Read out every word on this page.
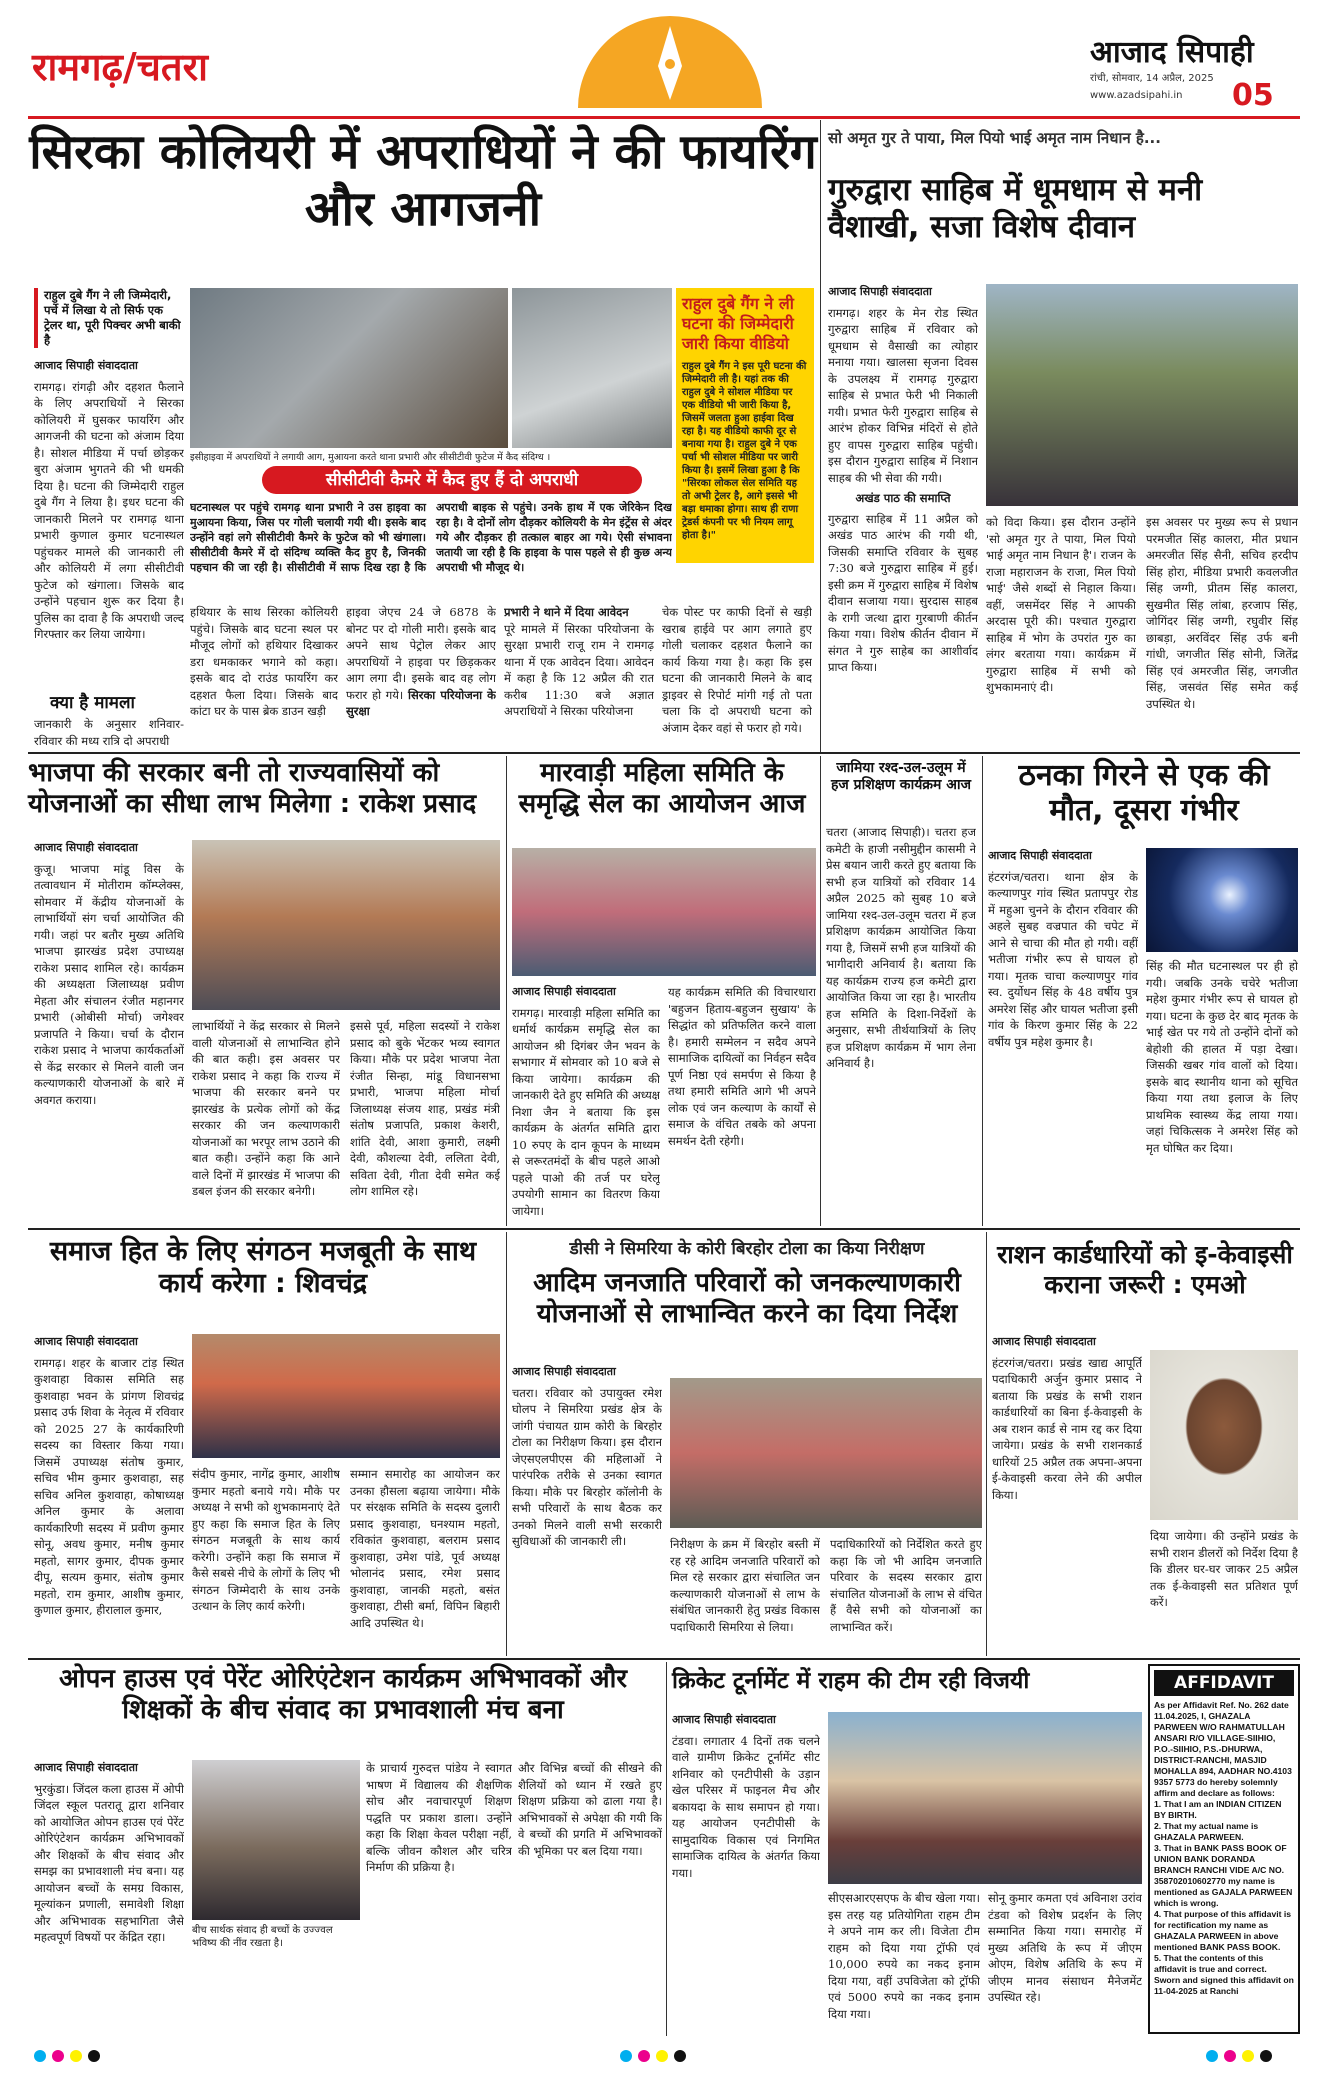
रामगढ़/चतरा	आजाद सिपाही
रांची, सोमवार, 14 अप्रैल, 2025
www.azadsipahi.in 05
सिरका कोलियरी में अपराधियों ने की फायरिंग और आगजनी
राहुल दुबे गैंग ने ली जिम्मेदारी, पर्चे में लिखा ये तो सिर्फ एक ट्रेलर था, पूरी पिक्चर अभी बाकी है
आजाद सिपाही संवाददाता
रामगढ़। रांगढ़ी और दहशत फैलाने के लिए अपराधियों ने सिरका कोलियरी में घुसकर फायरिंग और आगजनी की घटना को अंजाम दिया है। सोशल मीडिया में पर्चा छोड़कर बुरा अंजाम भुगतने की भी धमकी दिया है। घटना की जिम्मेदारी राहुल दुबे गैंग ने लिया है। इधर घटना की जानकारी मिलने पर रामगढ़ थाना प्रभारी कुणाल कुमार घटनास्थल पहुंचकर मामले की जानकारी ली और कोलियरी में लगा सीसीटीवी फुटेज को खंगाला। जिसके बाद उन्होंने पहचान शुरू कर दिया है। पुलिस का दावा है कि अपराधी जल्द गिरफ्तार कर लिया जायेगा।
क्या है मामला
जानकारी के अनुसार शनिवार-रविवार की मध्य रात्रि दो अपराधी
इसीहाइवा में अपराधियों ने लगायी आग, मुआयना करते थाना प्रभारी और सीसीटीवी फुटेज में कैद संदिग्ध ।
राहुल दुबे गैंग ने ली घटना की जिम्मेदारी जारी किया वीडियो
राहुल दुबे गैंग ने इस पूरी घटना की जिम्मेदारी ली है। यहां तक की राहुल दुबे ने सोशल मीडिया पर एक वीडियो भी जारी किया है, जिसमें जलता हुआ हाईवा दिख रहा है। यह वीडियो काफी दूर से बनाया गया है। राहुल दुबे ने एक पर्चा भी सोशल मीडिया पर जारी किया है। इसमें लिखा हुआ है कि "सिरका लोकल सेल समिति यह तो अभी ट्रेलर है, आगे इससे भी बड़ा धमाका होगा। साथ ही राणा ट्रेडर्स कंपनी पर भी नियम लागू होता है।"
सीसीटीवी कैमरे में कैद हुए हैं दो अपराधी
घटनास्थल पर पहुंचे रामगढ़ थाना प्रभारी ने उस हाइवा का मुआयना किया, जिस पर गोली चलायी गयी थी। इसके बाद उन्होंने वहां लगे सीसीटीवी कैमरे के फुटेज को भी खंगाला। सीसीटीवी कैमरे में दो संदिग्ध व्यक्ति कैद हुए है, जिनकी पहचान की जा रही है। सीसीटीवी में साफ दिख रहा है कि अपराधी बाइक से पहुंचे। उनके हाथ में एक जेरिकेन दिख रहा है। वे दोनों लोग दौड़कर कोलियरी के मेन इंट्रेंस से अंदर गये और दौड़कर ही तत्काल बाहर आ गये। ऐसी संभावना जतायी जा रही है कि हाइवा के पास पहले से ही कुछ अन्य अपराधी भी मौजूद थे।
हथियार के साथ सिरका कोलियरी पहुंचे। जिसके बाद घटना स्थल पर मौजूद लोगों को हथियार दिखाकर डरा धमकाकर भगाने को कहा। इसके बाद दो राउंड फायरिंग कर दहशत फैला दिया। जिसके बाद कांटा घर के पास ब्रेक डाउन खड़ी
हाइवा जेएच 24 जे 6878 के बोनट पर दो गोली मारी। इसके बाद अपने साथ पेट्रोल लेकर आए अपराधियों ने हाइवा पर छिड़ककर आग लगा दी। इसके बाद वह लोग फरार हो गये। सिरका परियोजना के सुरक्षा
प्रभारी ने थाने में दिया आवेदन
पूरे मामले में सिरका परियोजना के सुरक्षा प्रभारी राजू राम ने रामगढ़ थाना में एक आवेदन दिया। आवेदन में कहा है कि 12 अप्रैल की रात करीब 11:30 बजे अज्ञात अपराधियों ने सिरका परियोजना
चेक पोस्ट पर काफी दिनों से खड़ी खराब हाईवे पर आग लगाते हुए गोली चलाकर दहशत फैलाने का कार्य किया गया है। कहा कि इस घटना की जानकारी मिलने के बाद ड्राइवर से रिपोर्ट मांगी गई तो पता चला कि दो अपराधी घटना को अंजाम देकर वहां से फरार हो गये।
सो अमृत गुर ते पाया, मिल पियो भाई अमृत नाम निधान है...
गुरुद्वारा साहिब में धूमधाम से मनी वैशाखी, सजा विशेष दीवान
आजाद सिपाही संवाददाता
रामगढ़। शहर के मेन रोड स्थित गुरुद्वारा साहिब में रविवार को धूमधाम से वैसाखी का त्योहार मनाया गया। खालसा सृजना दिवस के उपलक्ष्य में रामगढ़ गुरुद्वारा साहिब से प्रभात फेरी भी निकाली गयी। प्रभात फेरी गुरुद्वारा साहिब से आरंभ होकर विभिन्न मंदिरों से होते हुए वापस गुरुद्वारा साहिब पहुंची। इस दौरान गुरुद्वारा साहिब में निशान साहब की भी सेवा की गयी।
अखंड पाठ की समाप्ति
गुरुद्वारा साहिब में 11 अप्रैल को अखंड पाठ आरंभ की गयी थी, जिसकी समाप्ति रविवार के सुबह 7:30 बजे गुरुद्वारा साहिब में हुई। इसी क्रम में गुरुद्वारा साहिब में विशेष दीवान सजाया गया। सुरदास साहब के रागी जत्था द्वारा गुरबाणी कीर्तन किया गया। विशेष कीर्तन दीवान में संगत ने गुरु साहेब का आशीर्वाद प्राप्त किया।
को विदा किया। इस दौरान उन्होंने 'सो अमृत गुर ते पाया, मिल पियो भाई अमृत नाम निधान है'। राजन के राजा महाराजन के राजा, मिल पियो भाई' जैसे शब्दों से निहाल किया। वहीं, जसमेंदर सिंह ने आपकी अरदास पूरी की। पश्चात गुरुद्वारा साहिब में भोग के उपरांत गुरु का लंगर बरताया गया। कार्यक्रम में गुरुद्वारा साहिब में सभी को शुभकामनाएं दी।
इस अवसर पर मुख्य रूप से प्रधान परमजीत सिंह कालरा, मीत प्रधान अमरजीत सिंह सैनी, सचिव हरदीप सिंह होरा, मीडिया प्रभारी कवलजीत सिंह जग्गी, प्रीतम सिंह कालरा, सुखमीत सिंह लांबा, हरजाप सिंह, जोगिंदर सिंह जग्गी, रघुवीर सिंह छाबड़ा, अरविंदर सिंह उर्फ बनी गांधी, जगजीत सिंह सोनी, जितेंद्र सिंह एवं अमरजीत सिंह, जगजीत सिंह, जसवंत सिंह समेत कई उपस्थित थे।
भाजपा की सरकार बनी तो राज्यवासियों को योजनाओं का सीधा लाभ मिलेगा : राकेश प्रसाद
आजाद सिपाही संवाददाता
कुजू। भाजपा मांडू विस के तत्वावधान में मोतीराम कॉम्प्लेक्स, सोमवार में केंद्रीय योजनाओं के लाभार्थियों संग चर्चा आयोजित की गयी। जहां पर बतौर मुख्य अतिथि भाजपा झारखंड प्रदेश उपाध्यक्ष राकेश प्रसाद शामिल रहे। कार्यक्रम की अध्यक्षता जिलाध्यक्ष प्रवीण मेहता और संचालन रंजीत महानगर प्रभारी (ओबीसी मोर्चा) जगेश्वर प्रजापति ने किया। चर्चा के दौरान राकेश प्रसाद ने भाजपा कार्यकर्ताओं से केंद्र सरकार से मिलने वाली जन कल्याणकारी योजनाओं के बारे में अवगत कराया।
लाभार्थियों ने केंद्र सरकार से मिलने वाली योजनाओं से लाभान्वित होने की बात कही। इस अवसर पर राकेश प्रसाद ने कहा कि राज्य में भाजपा की सरकार बनने पर झारखंड के प्रत्येक लोगों को केंद्र सरकार की जन कल्याणकारी योजनाओं का भरपूर लाभ उठाने की बात कही। उन्होंने कहा कि आने वाले दिनों में झारखंड में भाजपा की डबल इंजन की सरकार बनेगी।
इससे पूर्व, महिला सदस्यों ने राकेश प्रसाद को बुके भेंटकर भव्य स्वागत किया। मौके पर प्रदेश भाजपा नेता रंजीत सिन्हा, मांडू विधानसभा प्रभारी, भाजपा महिला मोर्चा जिलाध्यक्ष संजय शाह, प्रखंड मंत्री संतोष प्रजापति, प्रकाश केशरी, शांति देवी, आशा कुमारी, लक्ष्मी देवी, कौशल्या देवी, ललिता देवी, सविता देवी, गीता देवी समेत कई लोग शामिल रहे।
मारवाड़ी महिला समिति के समृद्धि सेल का आयोजन आज
आजाद सिपाही संवाददाता
रामगढ़। मारवाड़ी महिला समिति का धर्मार्थ कार्यक्रम समृद्धि सेल का आयोजन श्री दिगंबर जैन भवन के सभागार में सोमवार को 10 बजे से किया जायेगा। कार्यक्रम की जानकारी देते हुए समिति की अध्यक्ष निशा जैन ने बताया कि इस कार्यक्रम के अंतर्गत समिति द्वारा 10 रुपए के दान कूपन के माध्यम से जरूरतमंदों के बीच पहले आओ पहले पाओ की तर्ज पर घरेलू उपयोगी सामान का वितरण किया जायेगा।
यह कार्यक्रम समिति की विचारधारा 'बहुजन हिताय-बहुजन सुखाय' के सिद्धांत को प्रतिफलित करने वाला है। हमारी सम्मेलन न सदैव अपने सामाजिक दायित्वों का निर्वहन सदैव पूर्ण निष्ठा एवं समर्पण से किया है तथा हमारी समिति आगे भी अपने लोक एवं जन कल्याण के कार्यों से समाज के वंचित तबके को अपना समर्थन देती रहेगी।
जामिया रश्द-उल-उलूम में हज प्रशिक्षण कार्यक्रम आज
चतरा (आजाद सिपाही)। चतरा हज कमेटी के हाजी नसीमुद्दीन कासमी ने प्रेस बयान जारी करते हुए बताया कि सभी हज यात्रियों को रविवार 14 अप्रैल 2025 को सुबह 10 बजे जामिया रश्द-उल-उलूम चतरा में हज प्रशिक्षण कार्यक्रम आयोजित किया गया है, जिसमें सभी हज यात्रियों की भागीदारी अनिवार्य है। बताया कि यह कार्यक्रम राज्य हज कमेटी द्वारा आयोजित किया जा रहा है। भारतीय हज समिति के दिशा-निर्देशों के अनुसार, सभी तीर्थयात्रियों के लिए हज प्रशिक्षण कार्यक्रम में भाग लेना अनिवार्य है।
ठनका गिरने से एक की मौत, दूसरा गंभीर
आजाद सिपाही संवाददाता
हंटरगंज/चतरा। थाना क्षेत्र के कल्याणपुर गांव स्थित प्रतापपुर रोड में महुआ चुनने के दौरान रविवार की अहले सुबह वज्रपात की चपेट में आने से चाचा की मौत हो गयी। वहीं भतीजा गंभीर रूप से घायल हो गया। मृतक चाचा कल्याणपुर गांव स्व. दुर्योधन सिंह के 48 वर्षीय पुत्र अमरेश सिंह और घायल भतीजा इसी गांव के किरण कुमार सिंह के 22 वर्षीय पुत्र महेश कुमार है।
सिंह की मौत घटनास्थल पर ही हो गयी। जबकि उनके चचेरे भतीजा महेश कुमार गंभीर रूप से घायल हो गया। घटना के कुछ देर बाद मृतक के भाई खेत पर गये तो उन्होंने दोनों को बेहोशी की हालत में पड़ा देखा। जिसकी खबर गांव वालों को दिया। इसके बाद स्थानीय थाना को सूचित किया गया तथा इलाज के लिए प्राथमिक स्वास्थ्य केंद्र लाया गया। जहां चिकित्सक ने अमरेश सिंह को मृत घोषित कर दिया।
समाज हित के लिए संगठन मजबूती के साथ कार्य करेगा : शिवचंद्र
आजाद सिपाही संवाददाता
रामगढ़। शहर के बाजार टांड़ स्थित कुशवाहा विकास समिति सह कुशवाहा भवन के प्रांगण शिवचंद्र प्रसाद उर्फ शिवा के नेतृत्व में रविवार को 2025 27 के कार्यकारिणी सदस्य का विस्तार किया गया। जिसमें उपाध्यक्ष संतोष कुमार, सचिव भीम कुमार कुशवाहा, सह सचिव अनिल कुशवाहा, कोषाध्यक्ष अनिल कुमार के अलावा कार्यकारिणी सदस्य में प्रवीण कुमार सोनू, अवध कुमार, मनीष कुमार महतो, सागर कुमार, दीपक कुमार दीपू, सत्यम कुमार, संतोष कुमार महतो, राम कुमार, आशीष कुमार, कुणाल कुमार, हीरालाल कुमार,
संदीप कुमार, नागेंद्र कुमार, आशीष कुमार महतो बनाये गये। मौके पर अध्यक्ष ने सभी को शुभकामनाएं देते हुए कहा कि समाज हित के लिए संगठन मजबूती के साथ कार्य करेगी। उन्होंने कहा कि समाज में कैसे सबसे नीचे के लोगों के लिए भी संगठन जिम्मेदारी के साथ उनके उत्थान के लिए कार्य करेगी।
सम्मान समारोह का आयोजन कर उनका हौसला बढ़ाया जायेगा। मौके पर संरक्षक समिति के सदस्य दुलारी प्रसाद कुशवाहा, घनश्याम महतो, रविकांत कुशवाहा, बलराम प्रसाद कुशवाहा, उमेश पांडे, पूर्व अध्यक्ष भोलानंद प्रसाद, रमेश प्रसाद कुशवाहा, जानकी महतो, बसंत कुशवाहा, टीसी बर्मा, विपिन बिहारी आदि उपस्थित थे।
डीसी ने सिमरिया के कोरी बिरहोर टोला का किया निरीक्षण
आदिम जनजाति परिवारों को जनकल्याणकारी योजनाओं से लाभान्वित करने का दिया निर्देश
आजाद सिपाही संवाददाता
चतरा। रविवार को उपायुक्त रमेश घोलप ने सिमरिया प्रखंड क्षेत्र के जांगी पंचायत ग्राम कोरी के बिरहोर टोला का निरीक्षण किया। इस दौरान जेएसएलपीएस की महिलाओं ने पारंपरिक तरीके से उनका स्वागत किया। मौके पर बिरहोर कॉलोनी के सभी परिवारों के साथ बैठक कर उनको मिलने वाली सभी सरकारी सुविधाओं की जानकारी ली।	निरीक्षण के क्रम में बिरहोर बस्ती में रह रहे आदिम जनजाति परिवारों को मिल रहे सरकार द्वारा संचालित जन कल्याणकारी योजनाओं से लाभ के संबंधित जानकारी हेतु प्रखंड विकास पदाधिकारी सिमरिया से लिया।
पदाधिकारियों को निर्देशित करते हुए कहा कि जो भी आदिम जनजाति परिवार के सदस्य सरकार द्वारा संचालित योजनाओं के लाभ से वंचित हैं वैसे सभी को योजनाओं का लाभान्वित करें।
राशन कार्डधारियों को इ-केवाइसी कराना जरूरी : एमओ
आजाद सिपाही संवाददाता
हंटरगंज/चतरा। प्रखंड खाद्य आपूर्ति पदाधिकारी अर्जुन कुमार प्रसाद ने बताया कि प्रखंड के सभी राशन कार्डधारियों का बिना ई-केवाइसी के अब राशन कार्ड से नाम रद्द कर दिया जायेगा। प्रखंड के सभी राशनकार्ड धारियों 25 अप्रैल तक अपना-अपना ई-केवाइसी करवा लेने की अपील किया।
दिया जायेगा। की उन्होंने प्रखंड के सभी राशन डीलरों को निर्देश दिया है कि डीलर घर-घर जाकर 25 अप्रैल तक ई-केवाइसी सत प्रतिशत पूर्ण करें।
ओपन हाउस एवं पेरेंट ओरिएंटेशन कार्यक्रम अभिभावकों और शिक्षकों के बीच संवाद का प्रभावशाली मंच बना
आजाद सिपाही संवाददाता
भुरकुंडा। जिंदल कला हाउस में ओपी जिंदल स्कूल पतरातू द्वारा शनिवार को आयोजित ओपन हाउस एवं पेरेंट ओरिएंटेशन कार्यक्रम अभिभावकों और शिक्षकों के बीच संवाद और समझ का प्रभावशाली मंच बना। यह आयोजन बच्चों के समग्र विकास, मूल्यांकन प्रणाली, समावेशी शिक्षा और अभिभावक सहभागिता जैसे महत्वपूर्ण विषयों पर केंद्रित रहा।	बीच सार्थक संवाद ही बच्चों के उज्ज्वल भविष्य की नींव रखता है।
के प्राचार्य गुरुदत्त पांडेय ने स्वागत भाषण में विद्यालय की शैक्षणिक सोच और नवाचारपूर्ण शिक्षण पद्धति पर प्रकाश डाला। उन्होंने कहा कि शिक्षा केवल परीक्षा नहीं, बल्कि जीवन कौशल और चरित्र निर्माण की प्रक्रिया है।
और विभिन्न बच्चों की सीखने की शैलियों को ध्यान में रखते हुए शिक्षण प्रक्रिया को ढाला गया है। अभिभावकों से अपेक्षा की गयी कि वे बच्चों की प्रगति में अभिभावकों की भूमिका पर बल दिया गया।
क्रिकेट टूर्नामेंट में राहम की टीम रही विजयी
आजाद सिपाही संवाददाता
टंडवा। लगातार 4 दिनों तक चलने वाले ग्रामीण क्रिकेट टूर्नामेंट सीट शनिवार को एनटीपीसी के उड़ान खेल परिसर में फाइनल मैच और बकायदा के साथ समापन हो गया। यह आयोजन एनटीपीसी के सामुदायिक विकास एवं निगमित सामाजिक दायित्व के अंतर्गत किया गया।
सीएसआरएसएफ के बीच खेला गया। इस तरह यह प्रतियोगिता राहम टीम ने अपने नाम कर ली। विजेता टीम राहम को दिया गया ट्रॉफी एवं 10,000 रुपये का नकद इनाम दिया गया, वहीं उपविजेता को ट्रॉफी एवं 5000 रुपये का नकद इनाम दिया गया।
सोनू कुमार कमता एवं अविनाश उरांव टंडवा को विशेष प्रदर्शन के लिए सम्मानित किया गया। समारोह में मुख्य अतिथि के रूप में जीएम ओएम, विशेष अतिथि के रूप में जीएम मानव संसाधन मैनेजमेंट उपस्थित रहे।
AFFIDAVIT
As per Affidavit Ref. No. 262 date 11.04.2025, I, GHAZALA PARWEEN W/O RAHMATULLAH ANSARI R/O VILLAGE-SIIHIO, P.O.-SIIHIO, P.S.-DHURWA, DISTRICT-RANCHI, MASJID MOHALLA 894, AADHAR NO.4103 9357 5773 do hereby solemnly affirm and declare as follows:
1. That I am an INDIAN CITIZEN BY BIRTH.
2. That my actual name is GHAZALA PARWEEN.
3. That in BANK PASS BOOK OF UNION BANK DORANDA BRANCH RANCHI VIDE A/C NO. 358702010602770 my name is mentioned as GAJALA PARWEEN which is wrong.
4. That purpose of this affidavit is for rectification my name as GHAZALA PARWEEN in above mentioned BANK PASS BOOK.
5. That the contents of this affidavit is true and correct. Sworn and signed this affidavit on 11-04-2025 at Ranchi
